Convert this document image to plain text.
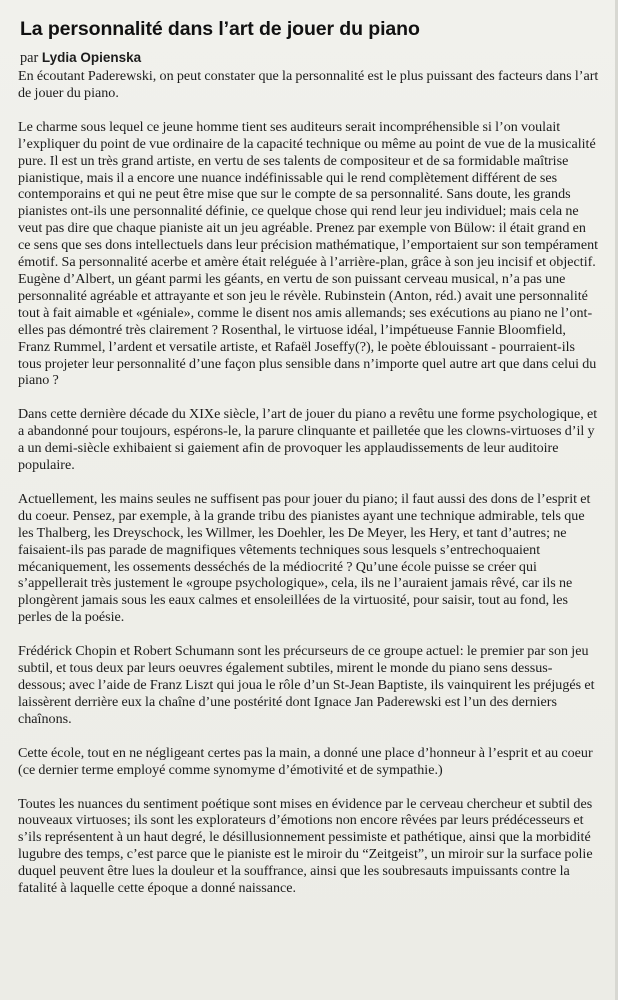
La personnalité dans l’art de jouer du piano
par Lydia Opienska

En écoutant Paderewski, on peut constater que la personnalité est le plus puissant des facteurs dans l’art de jouer du piano.

Le charme sous lequel ce jeune homme tient ses auditeurs serait incompréhensible si l’on voulait l’expliquer du point de vue ordinaire de la capacité technique ou même au point de vue de la musicalité pure. Il est un très grand artiste, en vertu de ses talents de compositeur et de sa formidable maîtrise pianistique, mais il a encore une nuance indéfinissable qui le rend complètement différent de ses contemporains et qui ne peut être mise que sur le compte de sa personnalité. Sans doute, les grands pianistes ont-ils une personnalité définie, ce quelque chose qui rend leur jeu individuel; mais cela ne veut pas dire que chaque pianiste ait un jeu agréable. Prenez par exemple von Bülow: il était grand en ce sens que ses dons intellectuels dans leur précision mathématique, l’emportaient sur son tempérament émotif. Sa personnalité acerbe et amère était reléguée à l’arrière-plan, grâce à son jeu incisif et objectif. Eugène d’Albert, un géant parmi les géants, en vertu de son puissant cerveau musical, n’a pas une personnalité agréable et attrayante et son jeu le révèle. Rubinstein (Anton, réd.) avait une personnalité tout à fait aimable et «géniale», comme le disent nos amis allemands; ses exécutions au piano ne l’ont-elles pas démontré très clairement ? Rosenthal, le virtuose idéal, l’impétueuse Fannie Bloomfield, Franz Rummel, l’ardent et versatile artiste, et Rafaël Joseffy(?), le poète éblouissant - pourraient-ils tous projeter leur personnalité d’une façon plus sensible dans n’importe quel autre art que dans celui du piano ?

Dans cette dernière décade du XIXe siècle, l’art de jouer du piano a revêtu une forme psychologique, et a abandonné pour toujours, espérons-le, la parure clinquante et pailletée que les clowns-virtuoses d’il y a un demi-siècle exhibaient si gaiement afin de provoquer les applaudissements de leur auditoire populaire.

Actuellement, les mains seules ne suffisent pas pour jouer du piano; il faut aussi des dons de l’esprit et du coeur. Pensez, par exemple, à la grande tribu des pianistes ayant une technique admirable, tels que les Thalberg, les Dreyschock, les Willmer, les Doehler, les De Meyer, les Hery, et tant d’autres; ne faisaient-ils pas parade de magnifiques vêtements techniques sous lesquels s’entrechoquaient mécaniquement, les ossements desséchés de la médiocrité ? Qu’une école puisse se créer qui s’appellerait très justement le «groupe psychologique», cela, ils ne l’auraient jamais rêvé, car ils ne plongèrent jamais sous les eaux calmes et ensoleillées de la virtuosité, pour saisir, tout au fond, les perles de la poésie.

Frédérick Chopin et Robert Schumann sont les précurseurs de ce groupe actuel: le premier par son jeu subtil, et tous deux par leurs oeuvres également subtiles, mirent le monde du piano sens dessus-dessous; avec l’aide de Franz Liszt qui joua le rôle d’un St-Jean Baptiste, ils vainquirent les préjugés et laissèrent derrière eux la chaîne d’une postérité dont Ignace Jan Paderewski est l’un des derniers chaînons.

Cette école, tout en ne négligeant certes pas la main, a donné une place d’honneur à l’esprit et au coeur (ce dernier terme employé comme synomyme d’émotivité et de sympathie.)

Toutes les nuances du sentiment poétique sont mises en évidence par le cerveau chercheur et subtil des nouveaux virtuoses; ils sont les explorateurs d’émotions non encore rêvées par leurs prédécesseurs et s’ils représentent à un haut degré, le désillusionnement pessimiste et pathétique, ainsi que la morbidité lugubre des temps, c’est parce que le pianiste est le miroir du “Zeitgeist”, un miroir sur la surface polie duquel peuvent être lues la douleur et la souffrance, ainsi que les soubresauts impuissants contre la fatalité à laquelle cette époque a donné naissance.
